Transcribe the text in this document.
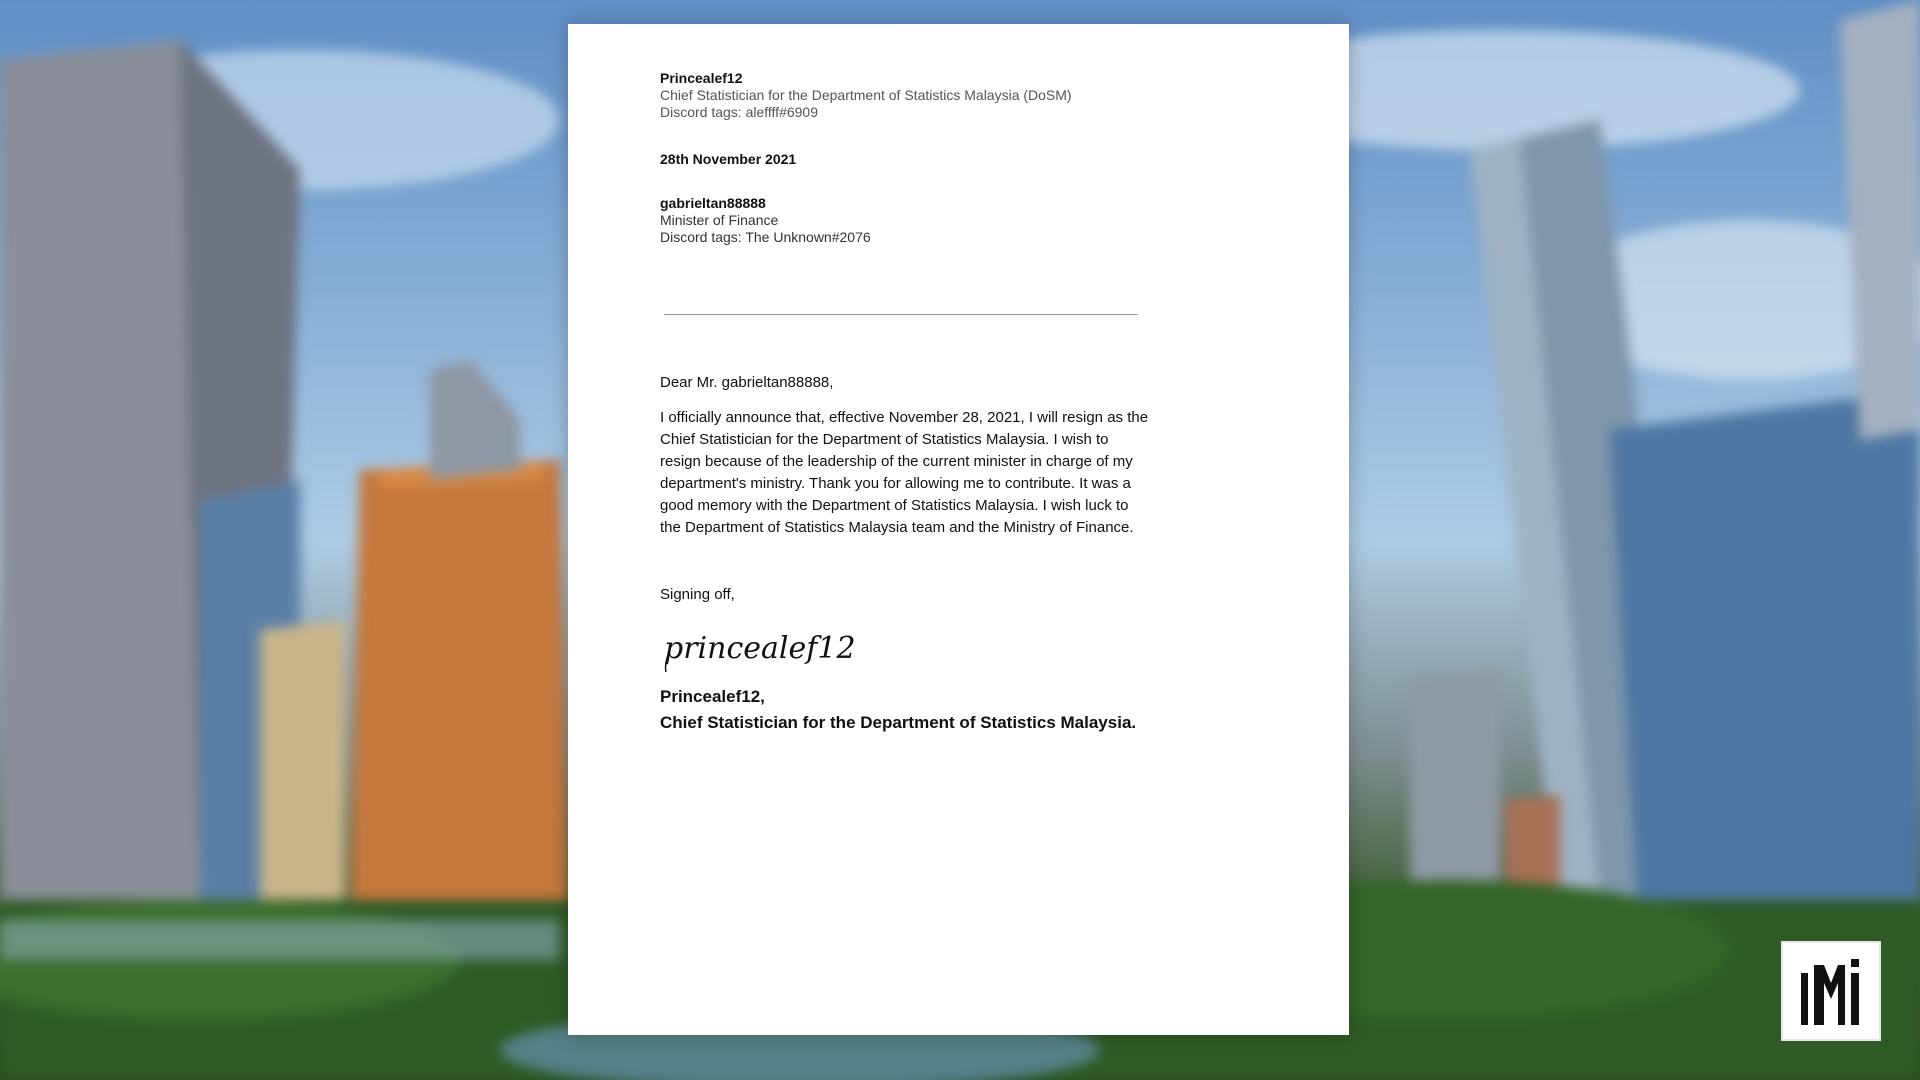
Princealef12
Chief Statistician for the Department of Statistics Malaysia (DoSM)
Discord tags: aleffff#6909
28th November 2021
gabrieltan88888
Minister of Finance
Discord tags: The Unknown#2076
Dear Mr. gabrieltan88888,
I officially announce that, effective November 28, 2021, I will resign as the Chief Statistician for the Department of Statistics Malaysia. I wish to resign because of the leadership of the current minister in charge of my department's ministry. Thank you for allowing me to contribute. It was a good memory with the Department of Statistics Malaysia. I wish luck to the Department of Statistics Malaysia team and the Ministry of Finance.
Signing off,
princealef12
Princealef12,
Chief Statistician for the Department of Statistics Malaysia.
